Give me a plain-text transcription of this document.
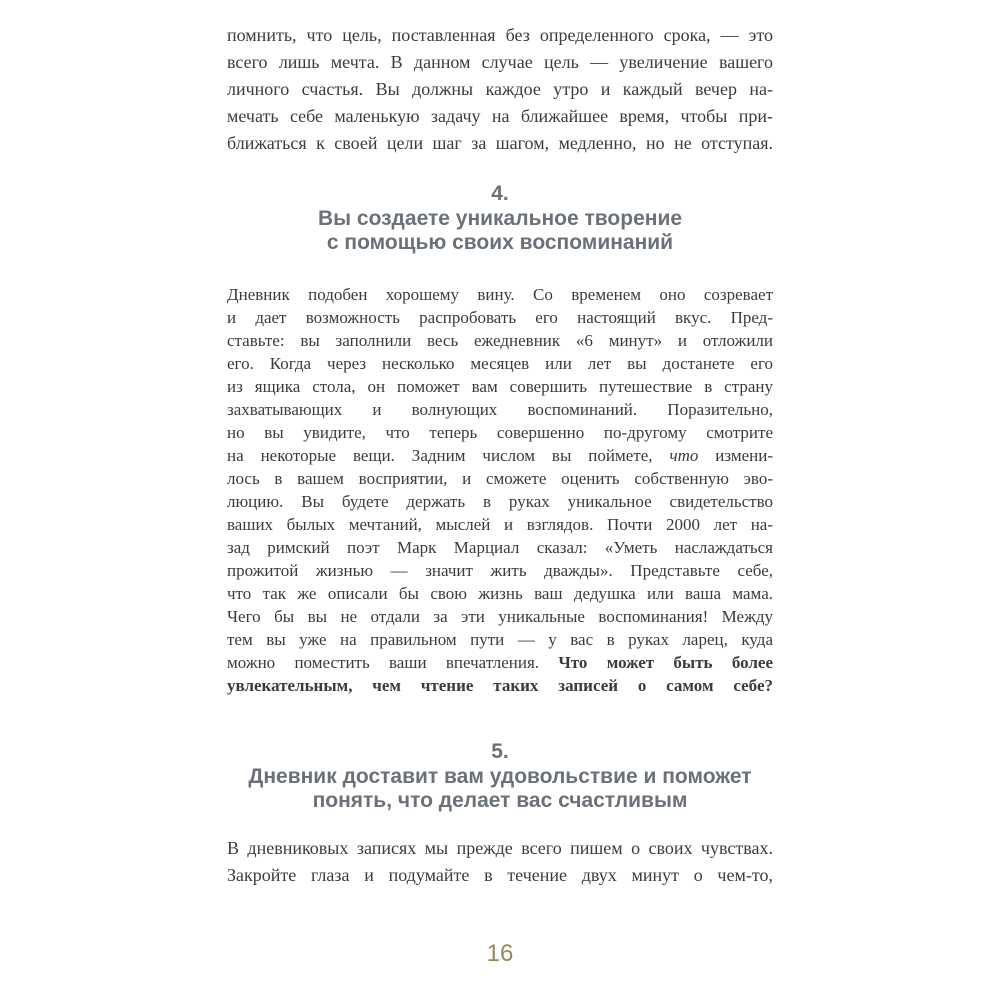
помнить, что цель, поставленная без определенного срока, — это
всего лишь мечта. В данном случае цель — увеличение вашего
личного счастья. Вы должны каждое утро и каждый вечер на-
мечать себе маленькую задачу на ближайшее время, чтобы при-
ближаться к своей цели шаг за шагом, медленно, но не отступая.
4.
Вы создаете уникальное творение
с помощью своих воспоминаний
Дневник подобен хорошему вину. Со временем оно созревает
и дает возможность распробовать его настоящий вкус. Пред-
ставьте: вы заполнили весь ежедневник «6 минут» и отложили
его. Когда через несколько месяцев или лет вы достанете его
из ящика стола, он поможет вам совершить путешествие в страну
захватывающих и волнующих воспоминаний. Поразительно,
но вы увидите, что теперь совершенно по-другому смотрите
на некоторые вещи. Задним числом вы поймете, что измени-
лось в вашем восприятии, и сможете оценить собственную эво-
люцию. Вы будете держать в руках уникальное свидетельство
ваших былых мечтаний, мыслей и взглядов. Почти 2000 лет на-
зад римский поэт Марк Марциал сказал: «Уметь наслаждаться
прожитой жизнью — значит жить дважды». Представьте себе,
что так же описали бы свою жизнь ваш дедушка или ваша мама.
Чего бы вы не отдали за эти уникальные воспоминания! Между
тем вы уже на правильном пути — у вас в руках ларец, куда
можно поместить ваши впечатления. Что может быть более
увлекательным, чем чтение таких записей о самом себе?
5.
Дневник доставит вам удовольствие и поможет
понять, что делает вас счастливым
В дневниковых записях мы прежде всего пишем о своих чувствах.
Закройте глаза и подумайте в течение двух минут о чем-то,
16
